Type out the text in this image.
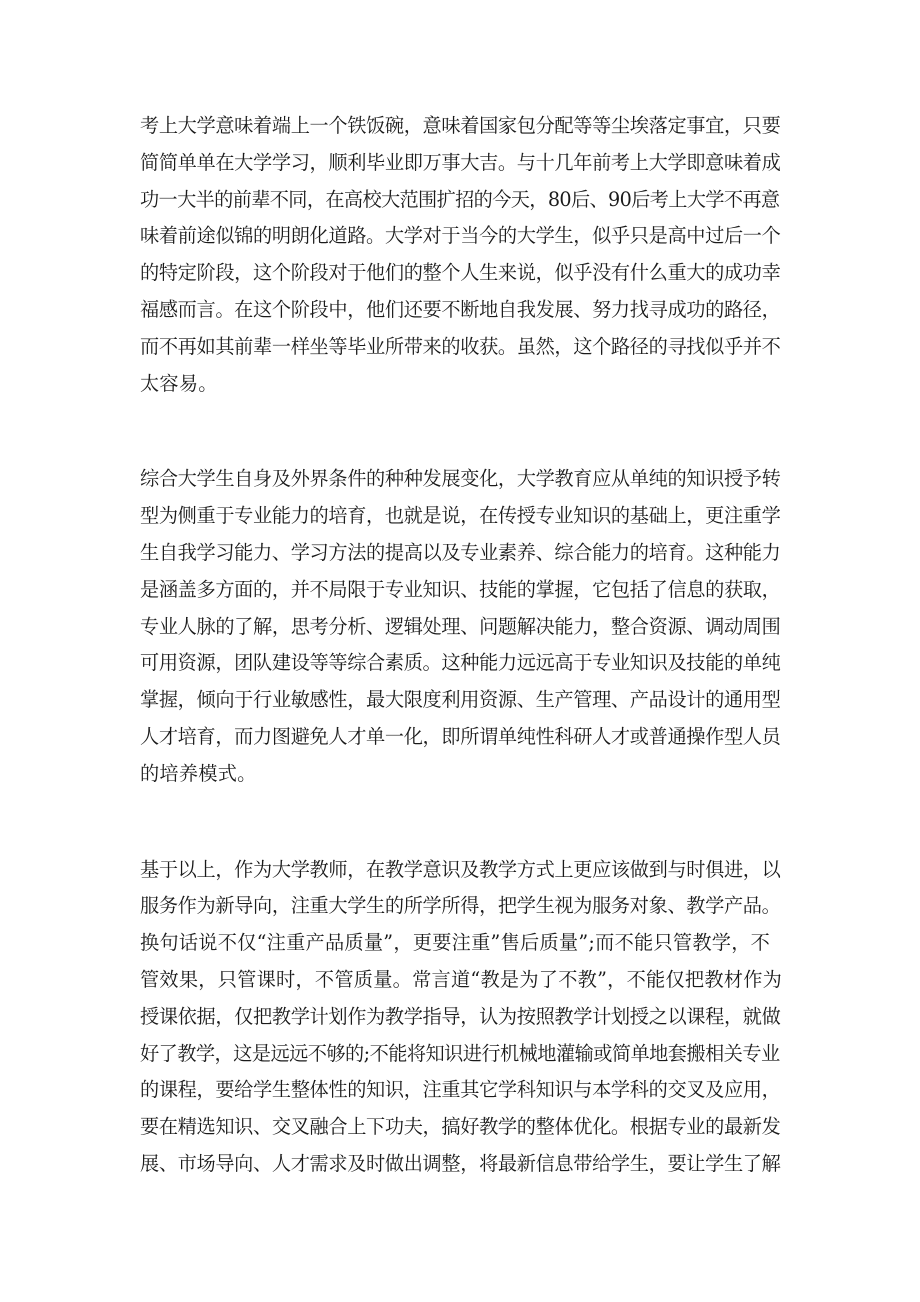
考上大学意味着端上一个铁饭碗，意味着国家包分配等等尘埃落定事宜，只要
简简单单在大学学习，顺利毕业即万事大吉。与十几年前考上大学即意味着成
功一大半的前辈不同，在高校大范围扩招的今天，80后、90后考上大学不再意
味着前途似锦的明朗化道路。大学对于当今的大学生，似乎只是高中过后一个
的特定阶段，这个阶段对于他们的整个人生来说，似乎没有什么重大的成功幸
福感而言。在这个阶段中，他们还要不断地自我发展、努力找寻成功的路径，
而不再如其前辈一样坐等毕业所带来的收获。虽然，这个路径的寻找似乎并不
太容易。
综合大学生自身及外界条件的种种发展变化，大学教育应从单纯的知识授予转
型为侧重于专业能力的培育，也就是说，在传授专业知识的基础上，更注重学
生自我学习能力、学习方法的提高以及专业素养、综合能力的培育。这种能力
是涵盖多方面的，并不局限于专业知识、技能的掌握，它包括了信息的获取，
专业人脉的了解，思考分析、逻辑处理、问题解决能力，整合资源、调动周围
可用资源，团队建设等等综合素质。这种能力远远高于专业知识及技能的单纯
掌握，倾向于行业敏感性，最大限度利用资源、生产管理、产品设计的通用型
人才培育，而力图避免人才单一化，即所谓单纯性科研人才或普通操作型人员
的培养模式。
基于以上，作为大学教师，在教学意识及教学方式上更应该做到与时俱进，以
服务作为新导向，注重大学生的所学所得，把学生视为服务对象、教学产品。
换句话说不仅“注重产品质量”，更要注重”售后质量”;而不能只管教学，不
管效果，只管课时，不管质量。常言道“教是为了不教”，不能仅把教材作为
授课依据，仅把教学计划作为教学指导，认为按照教学计划授之以课程，就做
好了教学，这是远远不够的;不能将知识进行机械地灌输或简单地套搬相关专业
的课程，要给学生整体性的知识，注重其它学科知识与本学科的交叉及应用，
要在精选知识、交叉融合上下功夫，搞好教学的整体优化。根据专业的最新发
展、市场导向、人才需求及时做出调整，将最新信息带给学生，要让学生了解
